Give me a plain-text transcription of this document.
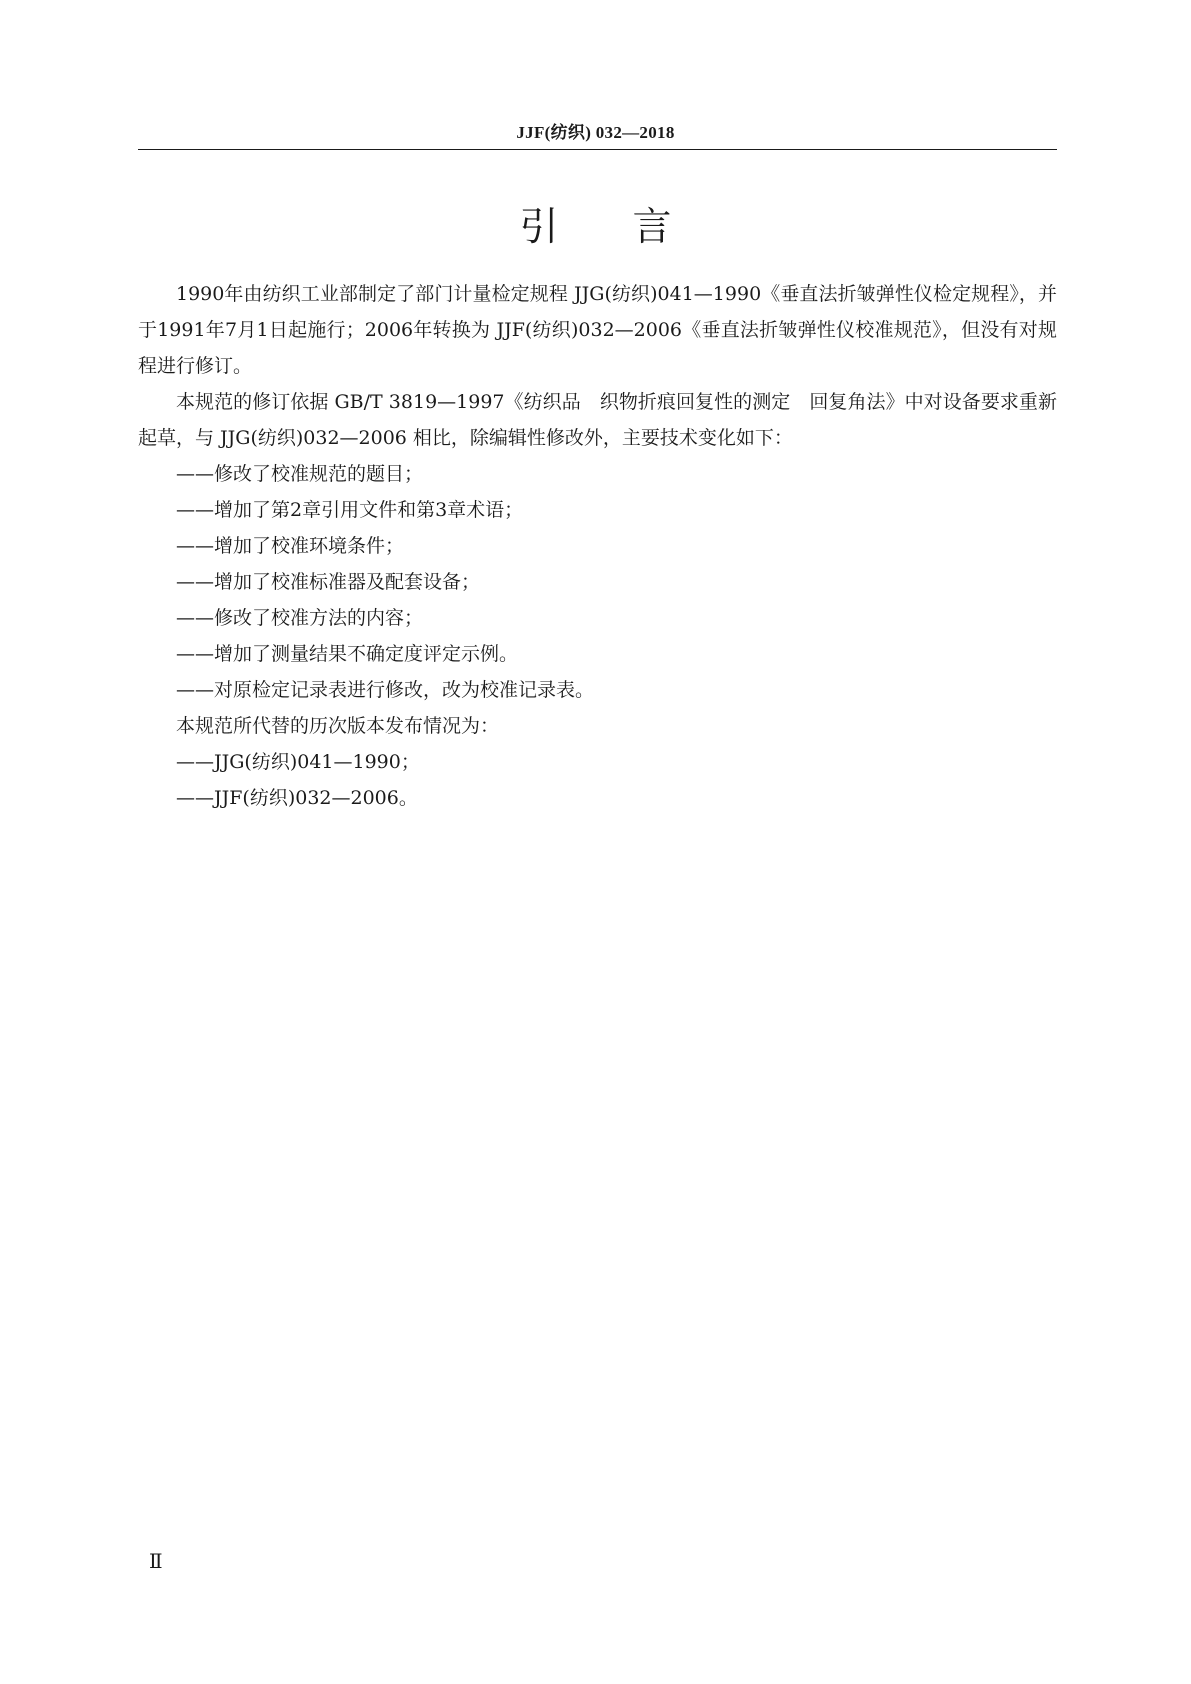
JJF(纺织) 032—2018
引言

1990年由纺织工业部制定了部门计量检定规程 JJG(纺织)041—1990《垂直法折皱弹性仪检定规程》，并于1991年7月1日起施行；2006年转换为 JJF(纺织)032—2006《垂直法折皱弹性仪校准规范》，但没有对规程进行修订。

本规范的修订依据 GB/T 3819—1997《纺织品　织物折痕回复性的测定　回复角法》中对设备要求重新起草，与 JJG(纺织)032—2006 相比，除编辑性修改外，主要技术变化如下：

——修改了校准规范的题目；

——增加了第2章引用文件和第3章术语；

——增加了校准环境条件；

——增加了校准标准器及配套设备；

——修改了校准方法的内容；

——增加了测量结果不确定度评定示例。

——对原检定记录表进行修改，改为校准记录表。

本规范所代替的历次版本发布情况为：

——JJG(纺织)041—1990；

——JJF(纺织)032—2006。

Ⅱ
